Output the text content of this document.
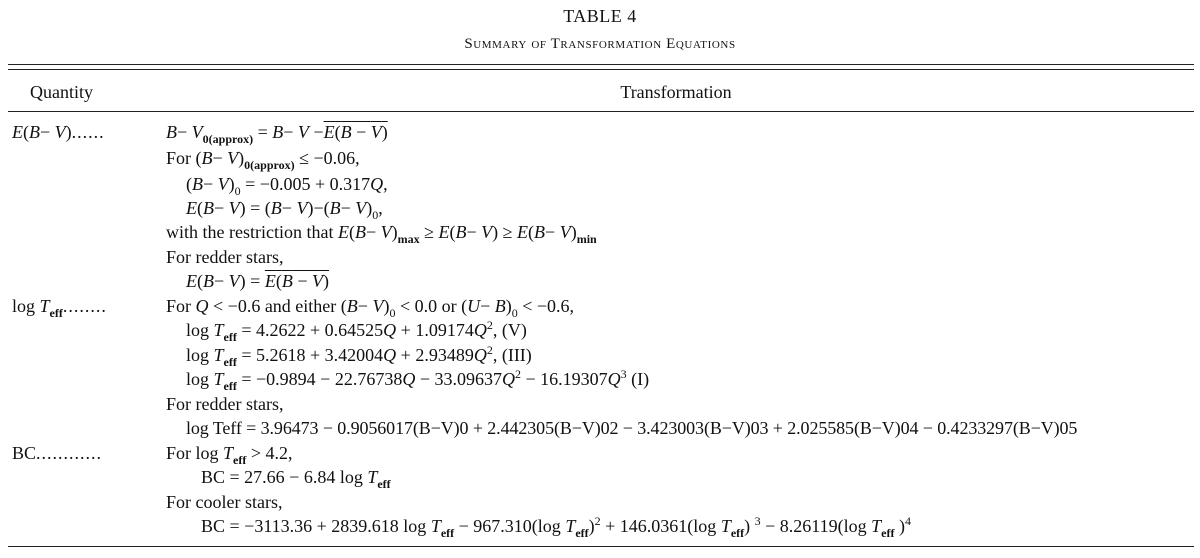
TABLE 4
Summary of Transformation Equations
Quantity	Transformation
E(B− V)......	$B- V_{0(approx)} = B- V -E(B - V)$
For $(B- V)_{0(approx)} \le -0.06$,
$(B- V)_0 = -0.005 + 0.317Q$,
$E(B- V) = (B- V)-(B- V)_0$,
with the restriction that $E(B- V)_{max} \ge E(B- V) \ge E(B- V)_{min}$
For redder stars,
E(B− V) = E(B − V)
$\log T_{eff}$........	For Q < −0.6 and either $(B- V)_0 < 0.0$ or $(U- B)_0 < -0.6$,
$\log T_{eff} = 4.2622 + 0.64525Q + 1.09174Q^2$, (V)
$\log T_{eff} = 5.2618 + 3.42004Q + 2.93489Q^2$, (III)
$\log T_{eff} = -0.9894 - 22.76738Q - 33.09637Q^2 - 16.19307Q^3$ (I)
For redder stars,
log Teff = 3.96473 − 0.9056017(B−V)0 + 2.442305(B−V)02 − 3.423003(B−V)03 + 2.025585(B−V)04 − 0.4233297(B−V)05
BC............	For $\log T_{eff} > 4.2$,
BC = 27.66 − 6.84 $\log T_{eff}$
For cooler stars,
BC = −3113.36 + 2839.618 $\log T_{eff} - 967.310(\log$ $T_{eff})^2 + 146.0361(\log$ $T_{eff}$) $^3$ − 8.26119(log $T_{eff}$ )$^4$
